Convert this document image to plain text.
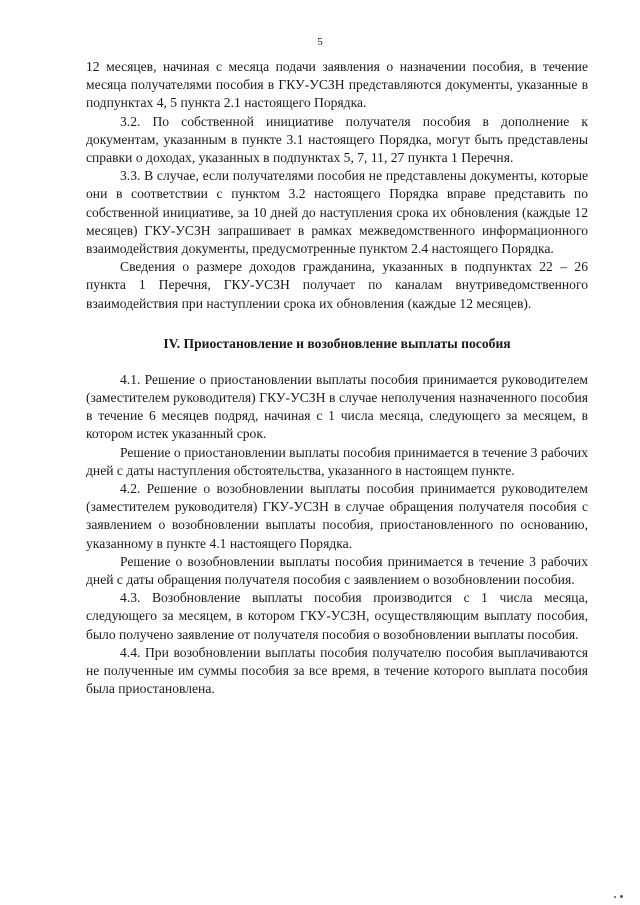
5

12 месяцев, начиная с месяца подачи заявления о назначении пособия, в течение месяца получателями пособия в ГКУ-УСЗН представляются документы, указанные в подпунктах 4, 5 пункта 2.1 настоящего Порядка.

3.2. По собственной инициативе получателя пособия в дополнение к документам, указанным в пункте 3.1 настоящего Порядка, могут быть представлены справки о доходах, указанных в подпунктах 5, 7, 11, 27 пункта 1 Перечня.

3.3. В случае, если получателями пособия не представлены документы, которые они в соответствии с пунктом 3.2 настоящего Порядка вправе представить по собственной инициативе, за 10 дней до наступления срока их обновления (каждые 12 месяцев) ГКУ-УСЗН запрашивает в рамках межведомственного информационного взаимодействия документы, предусмотренные пунктом 2.4 настоящего Порядка.

Сведения о размере доходов гражданина, указанных в подпунктах 22 – 26 пункта 1 Перечня, ГКУ-УСЗН получает по каналам внутриведомственного взаимодействия при наступлении срока их обновления (каждые 12 месяцев).

IV. Приостановление и возобновление выплаты пособия

4.1. Решение о приостановлении выплаты пособия принимается руководителем (заместителем руководителя) ГКУ-УСЗН в случае неполучения назначенного пособия в течение 6 месяцев подряд, начиная с 1 числа месяца, следующего за месяцем, в котором истек указанный срок.

Решение о приостановлении выплаты пособия принимается в течение 3 рабочих дней с даты наступления обстоятельства, указанного в настоящем пункте.

4.2. Решение о возобновлении выплаты пособия принимается руководителем (заместителем руководителя) ГКУ-УСЗН в случае обращения получателя пособия с заявлением о возобновлении выплаты пособия, приостановленного по основанию, указанному в пункте 4.1 настоящего Порядка.

Решение о возобновлении выплаты пособия принимается в течение 3 рабочих дней с даты обращения получателя пособия с заявлением о возобновлении пособия.

4.3. Возобновление выплаты пособия производится с 1 числа месяца, следующего за месяцем, в котором ГКУ-УСЗН, осуществляющим выплату пособия, было получено заявление от получателя пособия о возобновлении выплаты пособия.

4.4. При возобновлении выплаты пособия получателю пособия выплачиваются не полученные им суммы пособия за все время, в течение которого выплата пособия была приостановлена.
